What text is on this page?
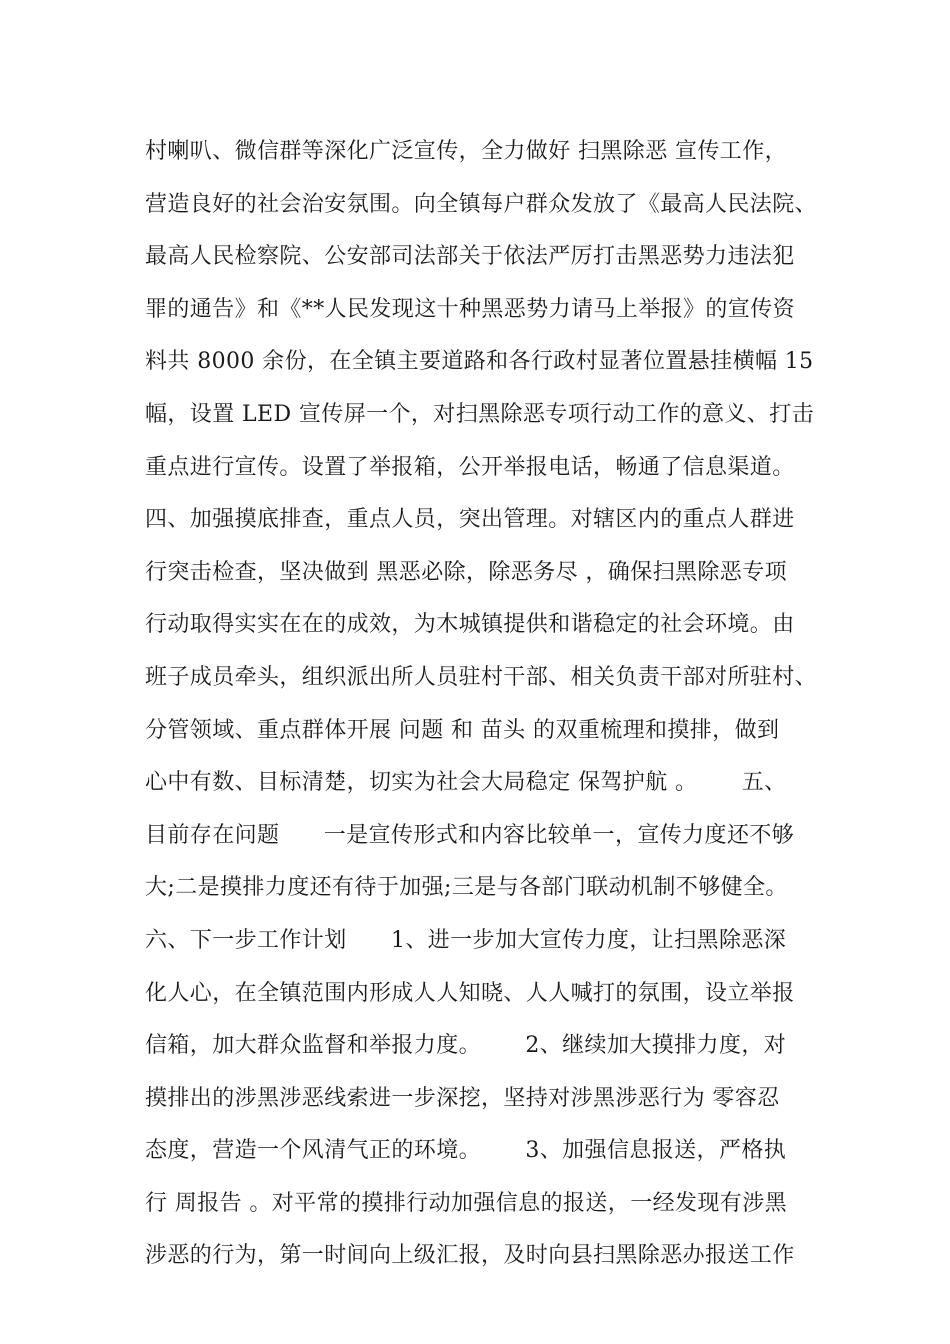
村喇叭、微信群等深化广泛宣传，全力做好 扫黑除恶 宣传工作，
营造良好的社会治安氛围。向全镇每户群众发放了《最高人民法院、
最高人民检察院、公安部司法部关于依法严厉打击黑恶势力违法犯
罪的通告》和《**人民发现这十种黑恶势力请马上举报》的宣传资
料共 8000 余份，在全镇主要道路和各行政村显著位置悬挂横幅 15
幅，设置 LED 宣传屏一个，对扫黑除恶专项行动工作的意义、打击
重点进行宣传。设置了举报箱，公开举报电话，畅通了信息渠道。
四、加强摸底排查，重点人员，突出管理。对辖区内的重点人群进
行突击检查，坚决做到 黑恶必除，除恶务尽 ，确保扫黑除恶专项
行动取得实实在在的成效，为木城镇提供和谐稳定的社会环境。由
班子成员牵头，组织派出所人员驻村干部、相关负责干部对所驻村、
分管领域、重点群体开展 问题 和 苗头 的双重梳理和摸排，做到
心中有数、目标清楚，切实为社会大局稳定 保驾护航 。      五、
目前存在问题      一是宣传形式和内容比较单一，宣传力度还不够
大;二是摸排力度还有待于加强;三是与各部门联动机制不够健全。
六、下一步工作计划      1、进一步加大宣传力度，让扫黑除恶深
化人心，在全镇范围内形成人人知晓、人人喊打的氛围，设立举报
信箱，加大群众监督和举报力度。      2、继续加大摸排力度，对
摸排出的涉黑涉恶线索进一步深挖，坚持对涉黑涉恶行为 零容忍
态度，营造一个风清气正的环境。      3、加强信息报送，严格执
行 周报告 。对平常的摸排行动加强信息的报送，一经发现有涉黑
涉恶的行为，第一时间向上级汇报，及时向县扫黑除恶办报送工作
